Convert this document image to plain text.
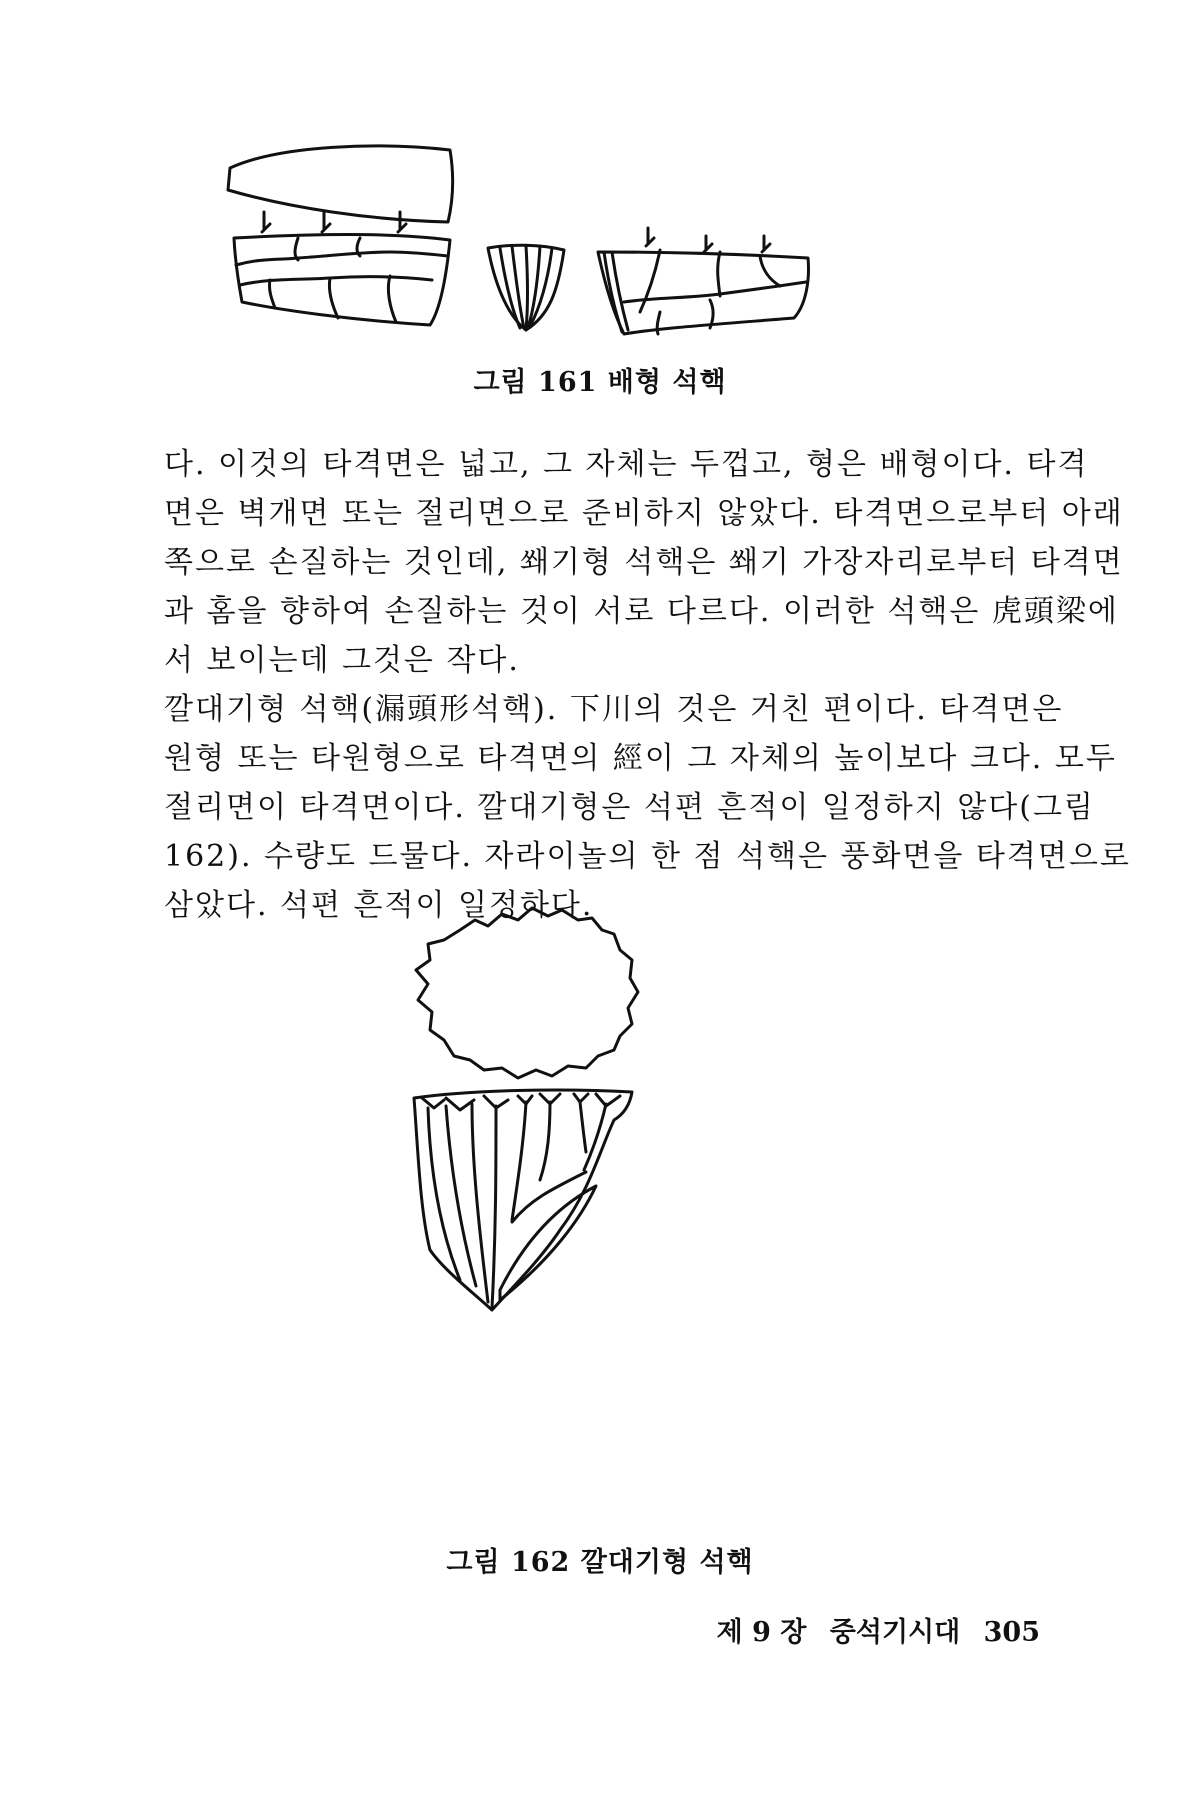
그림 161 배형 석핵
다. 이것의 타격면은 넓고, 그 자체는 두껍고, 형은 배형이다. 타격
면은 벽개면 또는 절리면으로 준비하지 않았다. 타격면으로부터 아래
쪽으로 손질하는 것인데, 쐐기형 석핵은 쐐기 가장자리로부터 타격면
과 홈을 향하여 손질하는 것이 서로 다르다. 이러한 석핵은 虎頭梁에
서 보이는데 그것은 작다.
깔대기형 석핵(漏頭形석핵). 下川의 것은 거친 편이다. 타격면은
원형 또는 타원형으로 타격면의 經이 그 자체의 높이보다 크다. 모두
절리면이 타격면이다. 깔대기형은 석편 흔적이 일정하지 않다(그림
162). 수량도 드물다. 자라이놀의 한 점 석핵은 풍화면을 타격면으로
삼았다. 석편 흔적이 일정하다.
그림 162 깔대기형 석핵
제 9 장 중석기시대 305
